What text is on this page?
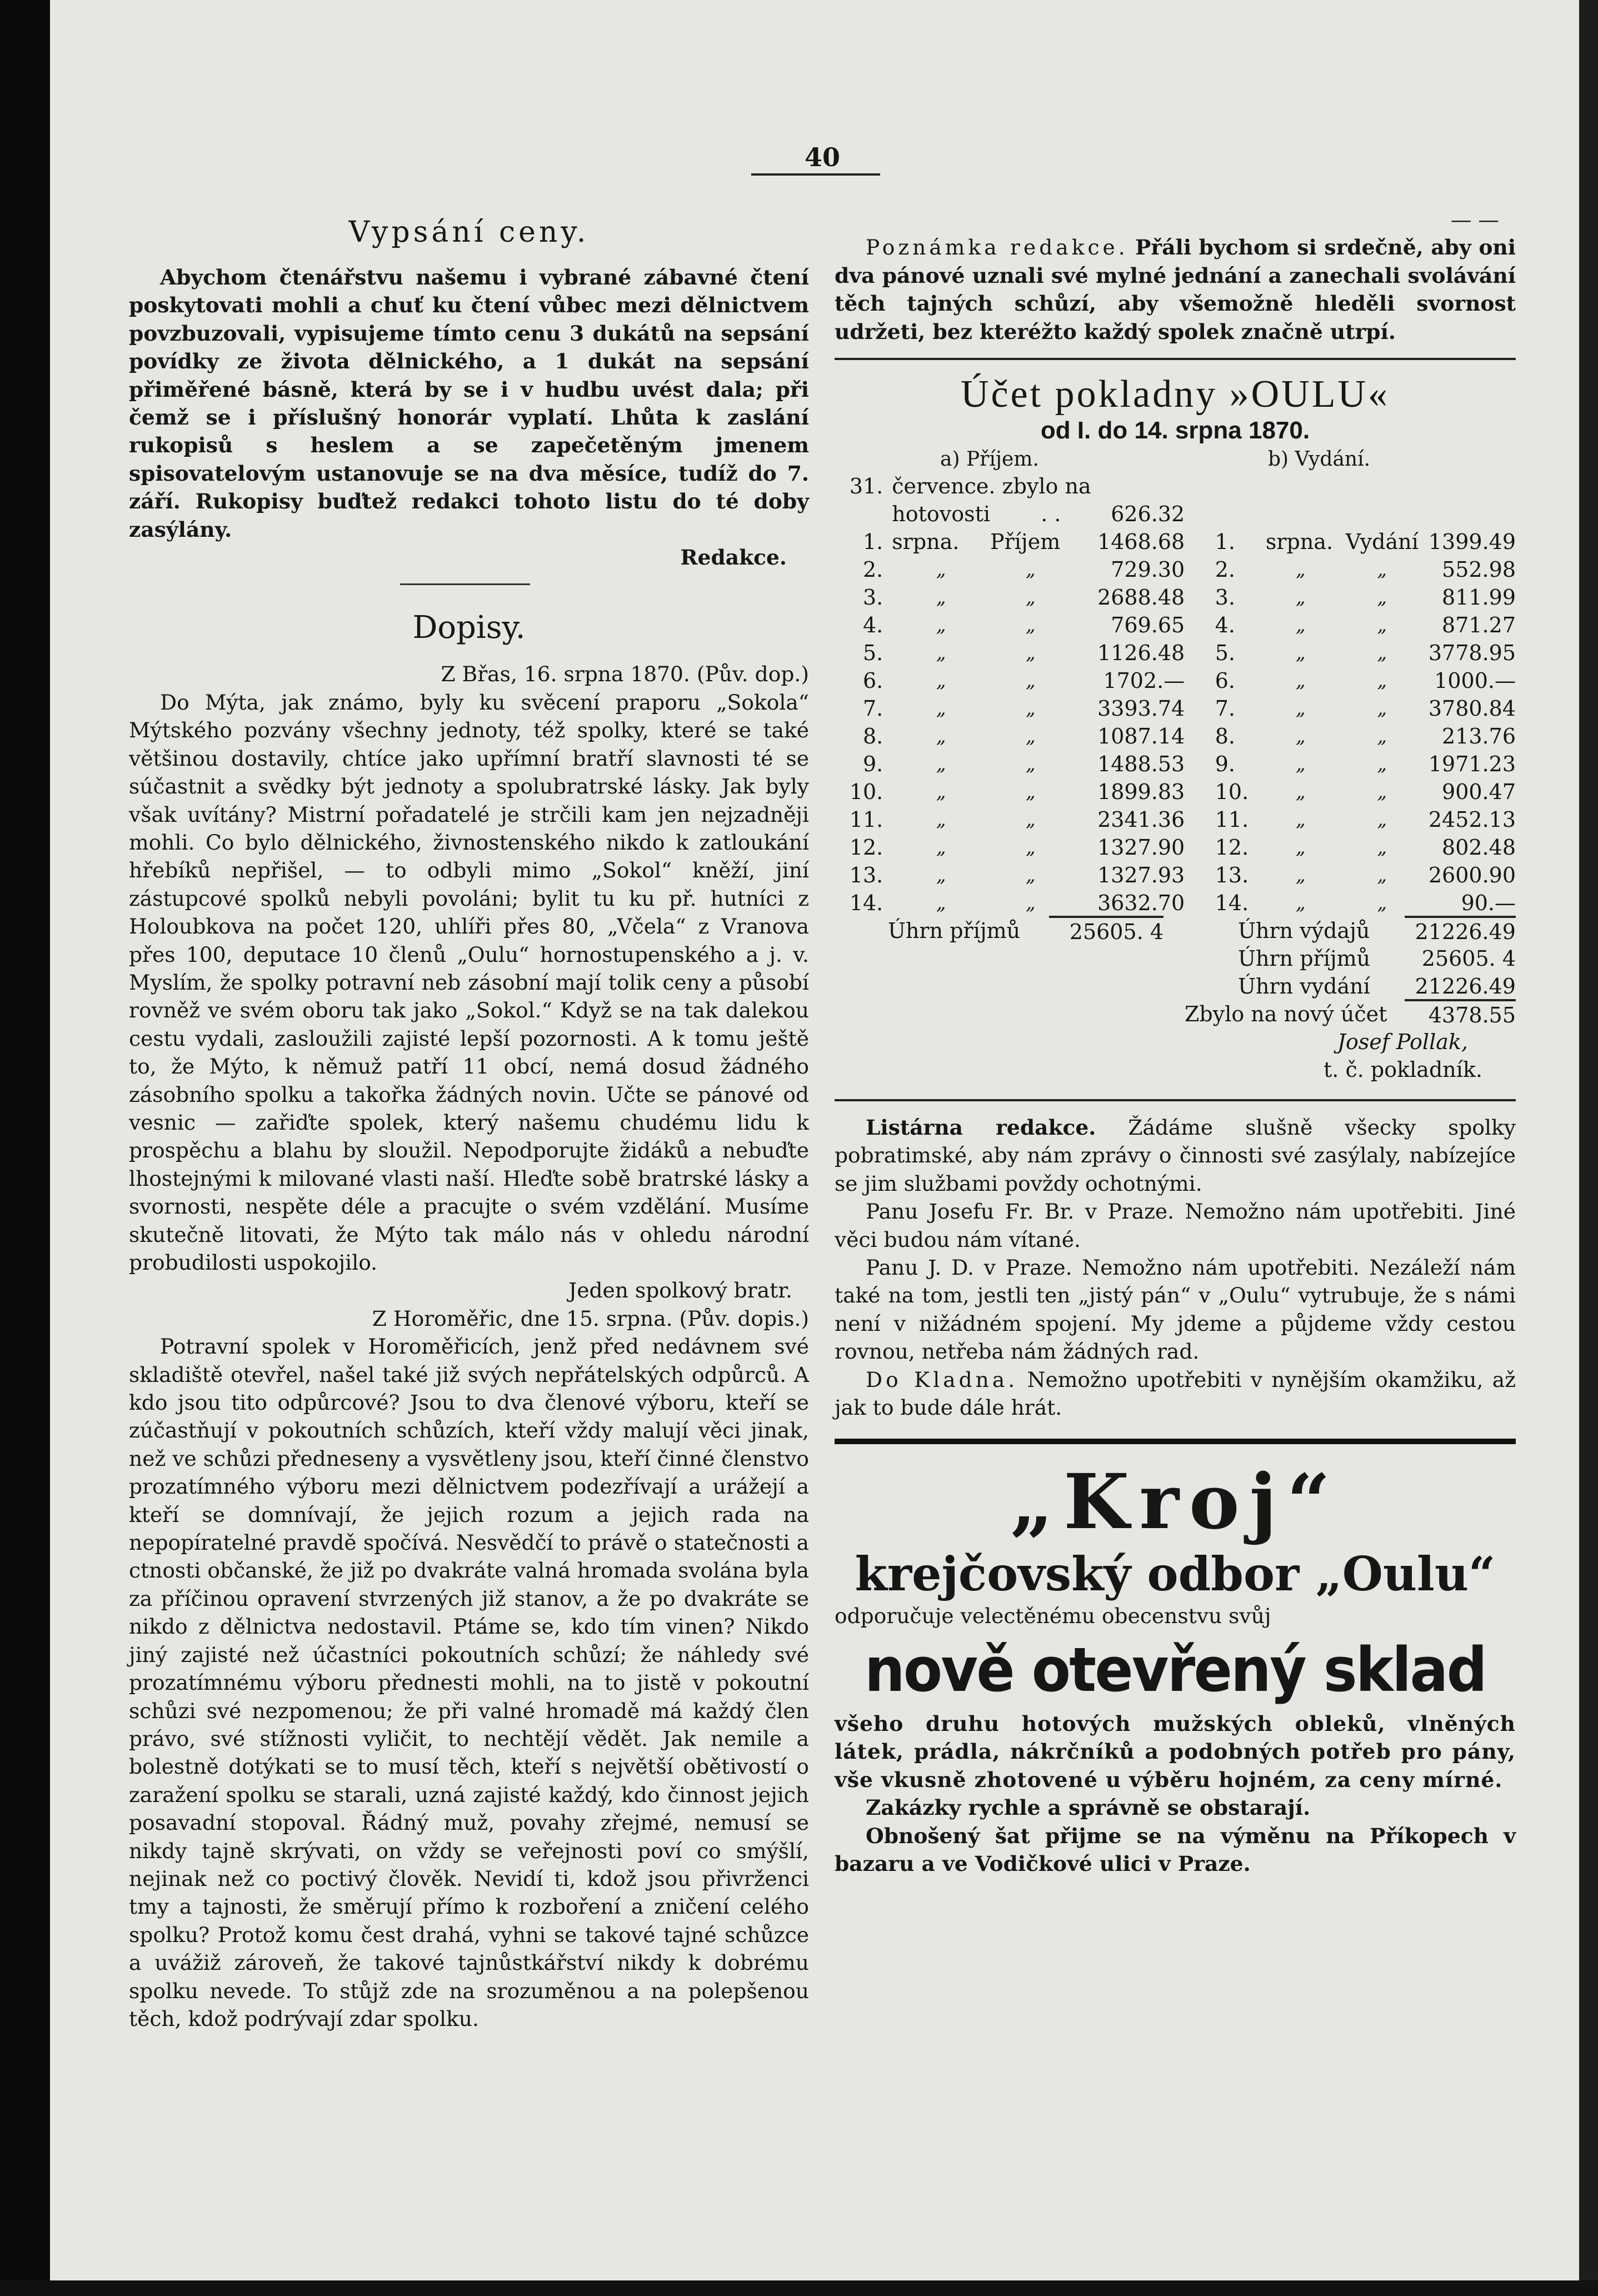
40
Vypsání ceny.

Abychom čtenářstvu našemu i vybrané zábavné čtení poskytovati mohli a chuť ku čtení vůbec mezi dělnictvem povzbuzovali, vypisujeme tímto cenu 3 dukátů na sepsání povídky ze života dělnického, a 1 dukát na sepsání přiměřené básně, která by se i v hudbu uvést dala; při čemž se i příslušný honorár vyplatí. Lhůta k zaslání rukopisů s heslem a se zapečetěným jmenem spisovatelovým ustanovuje se na dva měsíce, tudíž do 7. září. Rukopisy buďtež redakci tohoto listu do té doby zasýlány.

Redakce.

Dopisy.

Z Břas, 16. srpna 1870. (Pův. dop.)

Do Mýta, jak známo, byly ku svěcení praporu „Sokola“ Mýtského pozvány všechny jednoty, též spolky, které se také většinou dostavily, chtíce jako upřímní bratří slavnosti té se súčastnit a svědky být jednoty a spolubratrské lásky. Jak byly však uvítány? Mistrní pořadatelé je strčili kam jen nejzadněji mohli. Co bylo dělnického, živnostenského nikdo k zatloukání hřebíků nepřišel, — to odbyli mimo „Sokol“ kněží, jiní zástupcové spolků nebyli povoláni; bylit tu ku př. hutníci z Holoubkova na počet 120, uhlíři přes 80, „Včela“ z Vranova přes 100, deputace 10 členů „Oulu“ hornostupenského a j. v. Myslím, že spolky potravní neb zásobní mají tolik ceny a působí rovněž ve svém oboru tak jako „Sokol.“ Když se na tak dalekou cestu vydali, zasloužili zajisté lepší pozornosti. A k tomu ještě to, že Mýto, k němuž patří 11 obcí, nemá dosud žádného zásobního spolku a takořka žádných novin. Učte se pánové od vesnic — zařiďte spolek, který našemu chudému lidu k prospěchu a blahu by sloužil. Nepodporujte židáků a nebuďte lhostejnými k milované vlasti naší. Hleďte sobě bratrské lásky a svornosti, nespěte déle a pracujte o svém vzdělání. Musíme skutečně litovati, že Mýto tak málo nás v ohledu národní probudilosti uspokojilo.

Jeden spolkový bratr.

Z Horoměřic, dne 15. srpna. (Pův. dopis.)

Potravní spolek v Horoměřicích, jenž před nedávnem své skladiště otevřel, našel také již svých nepřátelských odpůrců. A kdo jsou tito odpůrcové? Jsou to dva členové výboru, kteří se zúčastňují v pokoutních schůzích, kteří vždy malují věci jinak, než ve schůzi předneseny a vysvětleny jsou, kteří činné členstvo prozatímného výboru mezi dělnictvem podezřívají a urážejí a kteří se domnívají, že jejich rozum a jejich rada na nepopíratelné pravdě spočívá. Nesvědčí to právě o statečnosti a ctnosti občanské, že již po dvakráte valná hromada svolána byla za příčinou opravení stvrzených již stanov, a že po dvakráte se nikdo z dělnictva nedostavil. Ptáme se, kdo tím vinen? Nikdo jiný zajisté než účastníci pokoutních schůzí; že náhledy své prozatímnému výboru přednesti mohli, na to jistě v pokoutní schůzi své nezpomenou; že při valné hromadě má každý člen právo, své stížnosti vyličit, to nechtějí vědět. Jak nemile a bolestně dotýkati se to musí těch, kteří s největší obětivostí o zaražení spolku se starali, uzná zajisté každý, kdo činnost jejich posavadní stopoval. Řádný muž, povahy zřejmé, nemusí se nikdy tajně skrývati, on vždy se veřejnosti poví co smýšlí, nejinak než co poctivý člověk. Nevidí ti, kdož jsou přivrženci tmy a tajnosti, že směrují přímo k rozboření a zničení celého spolku? Protož komu čest drahá, vyhni se takové tajné schůzce a uvážiž zároveň, že takové tajnůstkářství nikdy k dobrému spolku nevede. To stůjž zde na srozuměnou a na polepšenou těch, kdož podrývají zdar spolku.

— —

Poznámka redakce. Přáli bychom si srdečně, aby oni dva pánové uznali své mylné jednání a zanechali svolávání těch tajných schůzí, aby všemožně hleděli svornost udržeti, bez kteréžto každý spolek značně utrpí.

Účet pokladny »OULU«
od I. do 14. srpna 1870.
a) Příjem.	b) Vydání.
31.	července. zbylo na							
	hotovosti	. .	626.32					
1.	srpna.	Příjem	1468.68		1.	srpna.	Vydání	1399.49
2.	„	„	729.30		2.	„	„	552.98
3.	„	„	2688.48		3.	„	„	811.99
4.	„	„	769.65		4.	„	„	871.27
5.	„	„	1126.48		5.	„	„	3778.95
6.	„	„	1702.—		6.	„	„	1000.—
7.	„	„	3393.74		7.	„	„	3780.84
8.	„	„	1087.14		8.	„	„	213.76
9.	„	„	1488.53		9.	„	„	1971.23
10.	„	„	1899.83		10.	„	„	900.47
11.	„	„	2341.36		11.	„	„	2452.13
12.	„	„	1327.90		12.	„	„	802.48
13.	„	„	1327.93		13.	„	„	2600.90
14.	„	„	3632.70		14.	„	„	90.—
Úhrn příjmů	25605. 4	Úhrn výdajů	21226.49
Úhrn příjmů	25605. 4
Úhrn vydání	21226.49
Zbylo na nový účet	4378.55
Josef Pollak,
t. č. pokladník.

Listárna redakce. Žádáme slušně všecky spolky pobratimské, aby nám zprávy o činnosti své zasýlaly, nabízejíce se jim službami povždy ochotnými.

Panu Josefu Fr. Br. v Praze. Nemožno nám upotřebiti. Jiné věci budou nám vítané.

Panu J. D. v Praze. Nemožno nám upotřebiti. Nezáleží nám také na tom, jestli ten „jistý pán“ v „Oulu“ vytrubuje, že s námi není v nižádném spojení. My jdeme a půjdeme vždy cestou rovnou, netřeba nám žádných rad.

Do Kladna. Nemožno upotřebiti v nynějším okamžiku, až jak to bude dále hrát.

„Kroj“
krejčovský odbor „Oulu“

odporučuje velectěnému obecenstvu svůj

nově otevřený sklad

všeho druhu hotových mužských obleků, vlněných látek, prádla, nákrčníků a podobných potřeb pro pány, vše vkusně zhotovené u výběru hojném, za ceny mírné.

Zakázky rychle a správně se obstarají.

Obnošený šat přijme se na výměnu na Příkopech v bazaru a ve Vodičkové ulici v Praze.
